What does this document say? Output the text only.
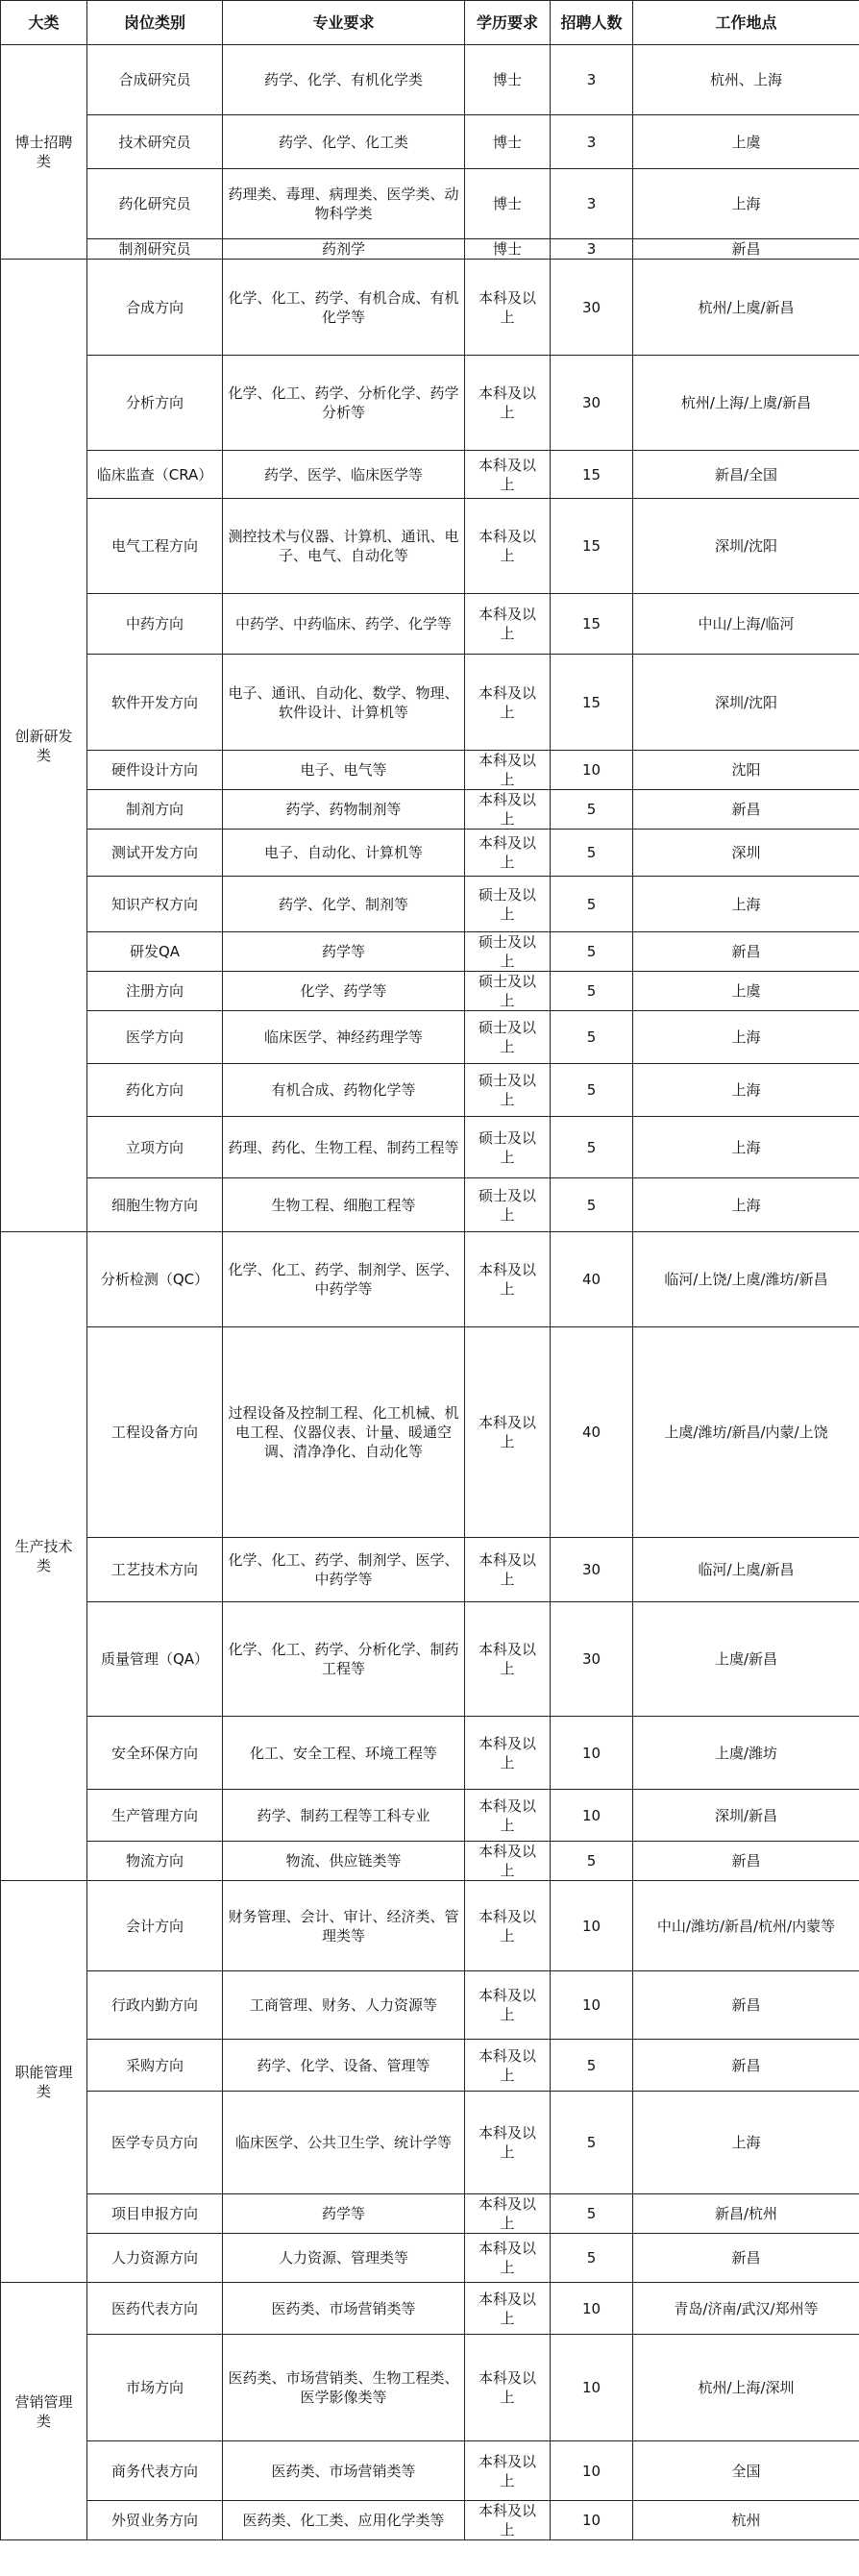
大类	岗位类别	专业要求	学历要求	招聘人数	工作地点
博士招聘类	合成研究员	药学、化学、有机化学类	博士	3	杭州、上海
	技术研究员	药学、化学、化工类	博士	3	上虞
	药化研究员	药理类、毒理、病理类、医学类、动物科学类	博士	3	上海
	制剂研究员	药剂学	博士	3	新昌
创新研发类	合成方向	化学、化工、药学、有机合成、有机化学等	本科及以上	30	杭州/上虞/新昌
	分析方向	化学、化工、药学、分析化学、药学分析等	本科及以上	30	杭州/上海/上虞/新昌
	临床监查（CRA）	药学、医学、临床医学等	本科及以上	15	新昌/全国
	电气工程方向	测控技术与仪器、计算机、通讯、电子、电气、自动化等	本科及以上	15	深圳/沈阳
	中药方向	中药学、中药临床、药学、化学等	本科及以上	15	中山/上海/临河
	软件开发方向	电子、通讯、自动化、数学、物理、软件设计、计算机等	本科及以上	15	深圳/沈阳
	硬件设计方向	电子、电气等	本科及以上	10	沈阳
	制剂方向	药学、药物制剂等	本科及以上	5	新昌
	测试开发方向	电子、自动化、计算机等	本科及以上	5	深圳
	知识产权方向	药学、化学、制剂等	硕士及以上	5	上海
	研发QA	药学等	硕士及以上	5	新昌
	注册方向	化学、药学等	硕士及以上	5	上虞
	医学方向	临床医学、神经药理学等	硕士及以上	5	上海
	药化方向	有机合成、药物化学等	硕士及以上	5	上海
	立项方向	药理、药化、生物工程、制药工程等	硕士及以上	5	上海
	细胞生物方向	生物工程、细胞工程等	硕士及以上	5	上海
生产技术类	分析检测（QC）	化学、化工、药学、制剂学、医学、中药学等	本科及以上	40	临河/上饶/上虞/潍坊/新昌
	工程设备方向	过程设备及控制工程、化工机械、机电工程、仪器仪表、计量、暖通空调、清净净化、自动化等	本科及以上	40	上虞/潍坊/新昌/内蒙/上饶
	工艺技术方向	化学、化工、药学、制剂学、医学、中药学等	本科及以上	30	临河/上虞/新昌
	质量管理（QA）	化学、化工、药学、分析化学、制药工程等	本科及以上	30	上虞/新昌
	安全环保方向	化工、安全工程、环境工程等	本科及以上	10	上虞/潍坊
	生产管理方向	药学、制药工程等工科专业	本科及以上	10	深圳/新昌
	物流方向	物流、供应链类等	本科及以上	5	新昌
职能管理类	会计方向	财务管理、会计、审计、经济类、管理类等	本科及以上	10	中山/潍坊/新昌/杭州/内蒙等
	行政内勤方向	工商管理、财务、人力资源等	本科及以上	10	新昌
	采购方向	药学、化学、设备、管理等	本科及以上	5	新昌
	医学专员方向	临床医学、公共卫生学、统计学等	本科及以上	5	上海
	项目申报方向	药学等	本科及以上	5	新昌/杭州
	人力资源方向	人力资源、管理类等	本科及以上	5	新昌
营销管理类	医药代表方向	医药类、市场营销类等	本科及以上	10	青岛/济南/武汉/郑州等
	市场方向	医药类、市场营销类、生物工程类、医学影像类等	本科及以上	10	杭州/上海/深圳
	商务代表方向	医药类、市场营销类等	本科及以上	10	全国
	外贸业务方向	医药类、化工类、应用化学类等	本科及以上	10	杭州
